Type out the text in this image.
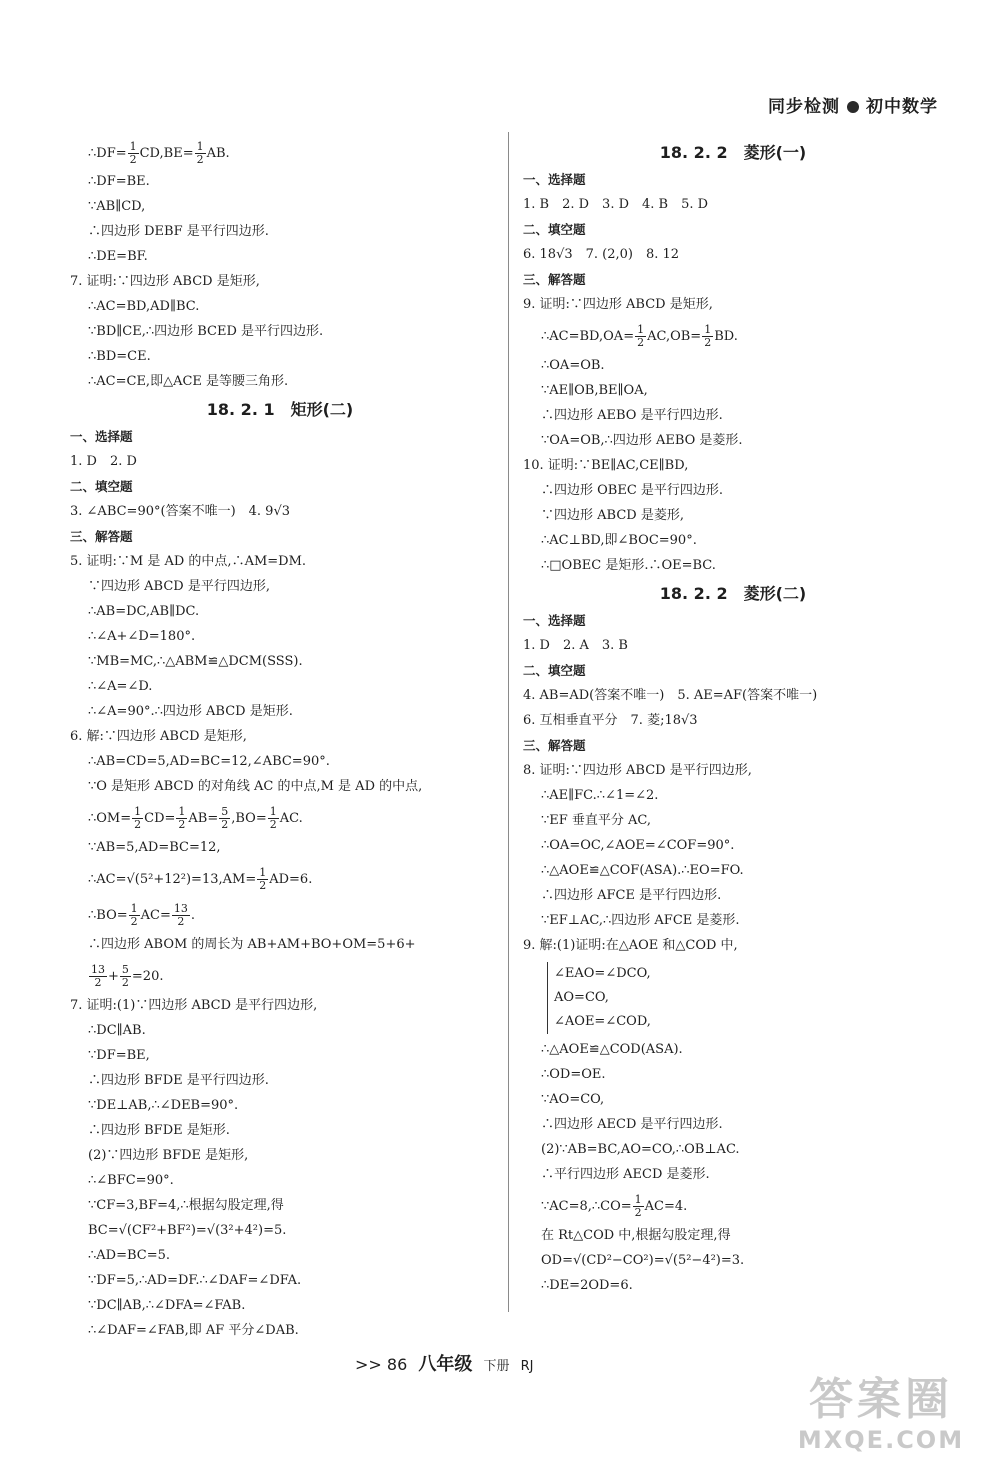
同步检测 初中数学
∴DF= $\frac{1}{2} CD,BE= \frac{1}{2}$ AB.
∴DF=BE.
∵AB∥CD,
∴四边形 DEBF 是平行四边形.
∴DE=BF.
7. 证明:∵四边形 ABCD 是矩形,
∴AC=BD,AD∥BC.
∵BD∥CE,∴四边形 BCED 是平行四边形.
∴BD=CE.
∴AC=CE,即△ACE 是等腰三角形.
18. 2. 1　矩形(二)
一、选择题
1. D　2. D
二、填空题
3. ∠ABC=90°(答案不唯一)　4. 9√3
三、解答题
5. 证明:∵M 是 AD 的中点,∴AM=DM.
∵四边形 ABCD 是平行四边形,
∴AB=DC,AB∥DC.
∴∠A+∠D=180°.
∵MB=MC,∴△ABM≌△DCM(SSS).
∴∠A=∠D.
∴∠A=90°.∴四边形 ABCD 是矩形.
6. 解:∵四边形 ABCD 是矩形,
∴AB=CD=5,AD=BC=12,∠ABC=90°.
∵O 是矩形 ABCD 的对角线 AC 的中点,M 是 AD 的中点,
∴OM= $\frac{1}{2} CD= \frac{1}{2} AB= \frac{5}{2} ,BO= \frac{1}{2}$ AC.
∵AB=5,AD=BC=12,
∴AC=√(5²+12²)=13,AM= $\frac{1}{2} AD=6$.
∴BO= $\frac{1}{2} AC= \frac{13}{2}$ .
∴四边形 ABOM 的周长为 AB+AM+BO+OM=5+6+
$\frac{13}{2} + \frac{5}{2} =20$.
7. 证明:(1)∵四边形 ABCD 是平行四边形,
∴DC∥AB.
∵DF=BE,
∴四边形 BFDE 是平行四边形.
∵DE⊥AB,∴∠DEB=90°.
∴四边形 BFDE 是矩形.
(2)∵四边形 BFDE 是矩形,
∴∠BFC=90°.
∵CF=3,BF=4,∴根据勾股定理,得
BC=√(CF²+BF²)=√(3²+4²)=5.
∴AD=BC=5.
∵DF=5,∴AD=DF.∴∠DAF=∠DFA.
∵DC∥AB,∴∠DFA=∠FAB.
∴∠DAF=∠FAB,即 AF 平分∠DAB.
18. 2. 2　菱形(一)
一、选择题
1. B　2. D　3. D　4. B　5. D
二、填空题
6. 18√3　7. (2,0)　8. 12
三、解答题
9. 证明:∵四边形 ABCD 是矩形,
∴AC=BD,OA= $\frac{1}{2} AC,OB= \frac{1}{2}$ BD.
∴OA=OB.
∵AE∥OB,BE∥OA,
∴四边形 AEBO 是平行四边形.
∵OA=OB,∴四边形 AEBO 是菱形.
10. 证明:∵BE∥AC,CE∥BD,
∴四边形 OBEC 是平行四边形.
∵四边形 ABCD 是菱形,
∴AC⊥BD,即∠BOC=90°.
∴□OBEC 是矩形.∴OE=BC.
18. 2. 2　菱形(二)
一、选择题
1. D　2. A　3. B
二、填空题
4. AB=AD(答案不唯一)　5. AE=AF(答案不唯一)
6. 互相垂直平分　7. 菱;18√3
三、解答题
8. 证明:∵四边形 ABCD 是平行四边形,
∴AE∥FC.∴∠1=∠2.
∵EF 垂直平分 AC,
∴OA=OC,∠AOE=∠COF=90°.
∴△AOE≌△COF(ASA).∴EO=FO.
∴四边形 AFCE 是平行四边形.
∵EF⊥AC,∴四边形 AFCE 是菱形.
9. 解:(1)证明:在△AOE 和△COD 中,
∠EAO=∠DCO,
AO=CO,
∠AOE=∠COD,
∴△AOE≌△COD(ASA).
∴OD=OE.
∵AO=CO,
∴四边形 AECD 是平行四边形.
(2)∵AB=BC,AO=CO,∴OB⊥AC.
∴平行四边形 AECD 是菱形.
∵AC=8,∴CO= $\frac{1}{2} AC=4$.
在 Rt△COD 中,根据勾股定理,得
OD=√(CD²−CO²)=√(5²−4²)=3.
∴DE=2OD=6.
>> 86 八年级 下册 RJ
答案圈
MXQE.COM
